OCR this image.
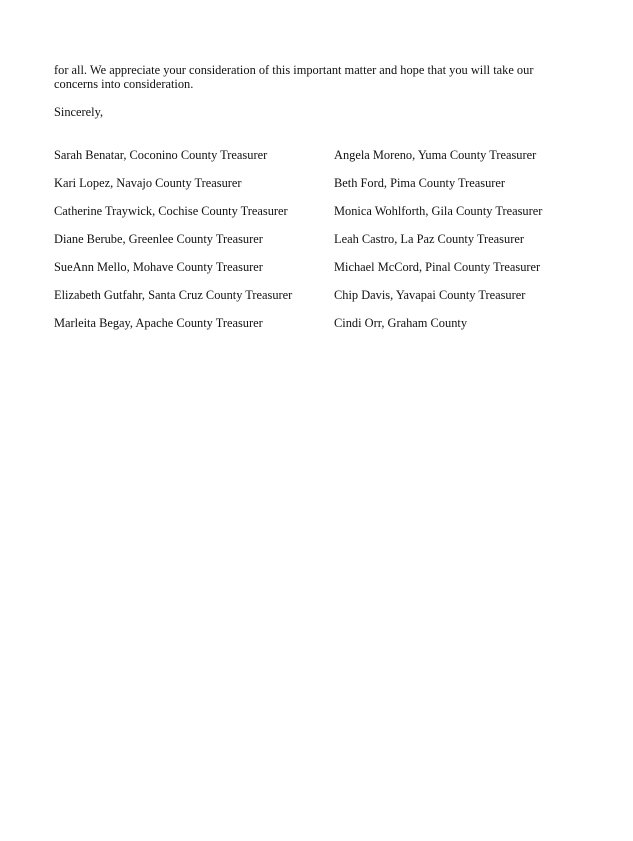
for all. We appreciate your consideration of this important matter and hope that you will take our concerns into consideration.

Sincerely,

Sarah Benatar, Coconino County Treasurer

Kari Lopez, Navajo County Treasurer

Catherine Traywick, Cochise County Treasurer

Diane Berube, Greenlee County Treasurer

SueAnn Mello, Mohave County Treasurer

Elizabeth Gutfahr, Santa Cruz County Treasurer

Marleita Begay, Apache County Treasurer

Angela Moreno, Yuma County Treasurer

Beth Ford, Pima County Treasurer

Monica Wohlforth, Gila County Treasurer

Leah Castro, La Paz County Treasurer

Michael McCord, Pinal County Treasurer

Chip Davis, Yavapai County Treasurer

Cindi Orr, Graham County
